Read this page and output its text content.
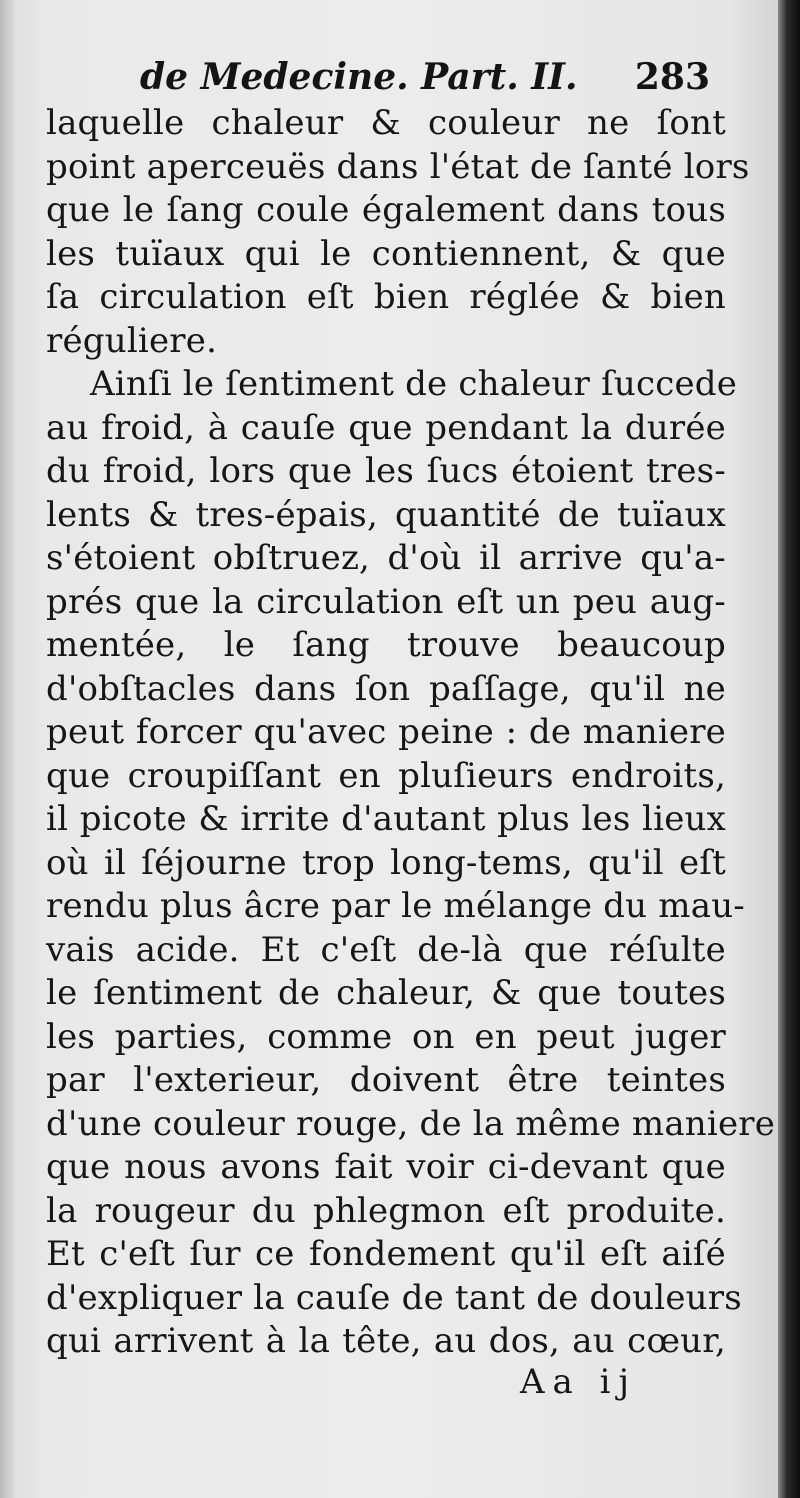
de Medecine. Part. II. 283
laquelle chaleur & couleur ne ſont
point aperceuës dans l'état de ſanté lors
que le ſang coule également dans tous
les tuïaux qui le contiennent, & que
ſa circulation eſt bien réglée & bien
réguliere.
Ainſi le ſentiment de chaleur ſuccede
au froid, à cauſe que pendant la durée
du froid, lors que les ſucs étoient tres-
lents & tres-épais, quantité de tuïaux
s'étoient obſtruez, d'où il arrive qu'a-
prés que la circulation eſt un peu aug-
mentée, le ſang trouve beaucoup
d'obſtacles dans ſon paſſage, qu'il ne
peut forcer qu'avec peine : de maniere
que croupiſſant en pluſieurs endroits,
il picote & irrite d'autant plus les lieux
où il ſéjourne trop long-tems, qu'il eſt
rendu plus âcre par le mélange du mau-
vais acide. Et c'eſt de-là que réſulte
le ſentiment de chaleur, & que toutes
les parties, comme on en peut juger
par l'exterieur, doivent être teintes
d'une couleur rouge, de la même maniere
que nous avons fait voir ci-devant que
la rougeur du phlegmon eſt produite.
Et c'eſt ſur ce fondement qu'il eſt aiſé
d'expliquer la cauſe de tant de douleurs
qui arrivent à la tête, au dos, au cœur,
Aa ij
